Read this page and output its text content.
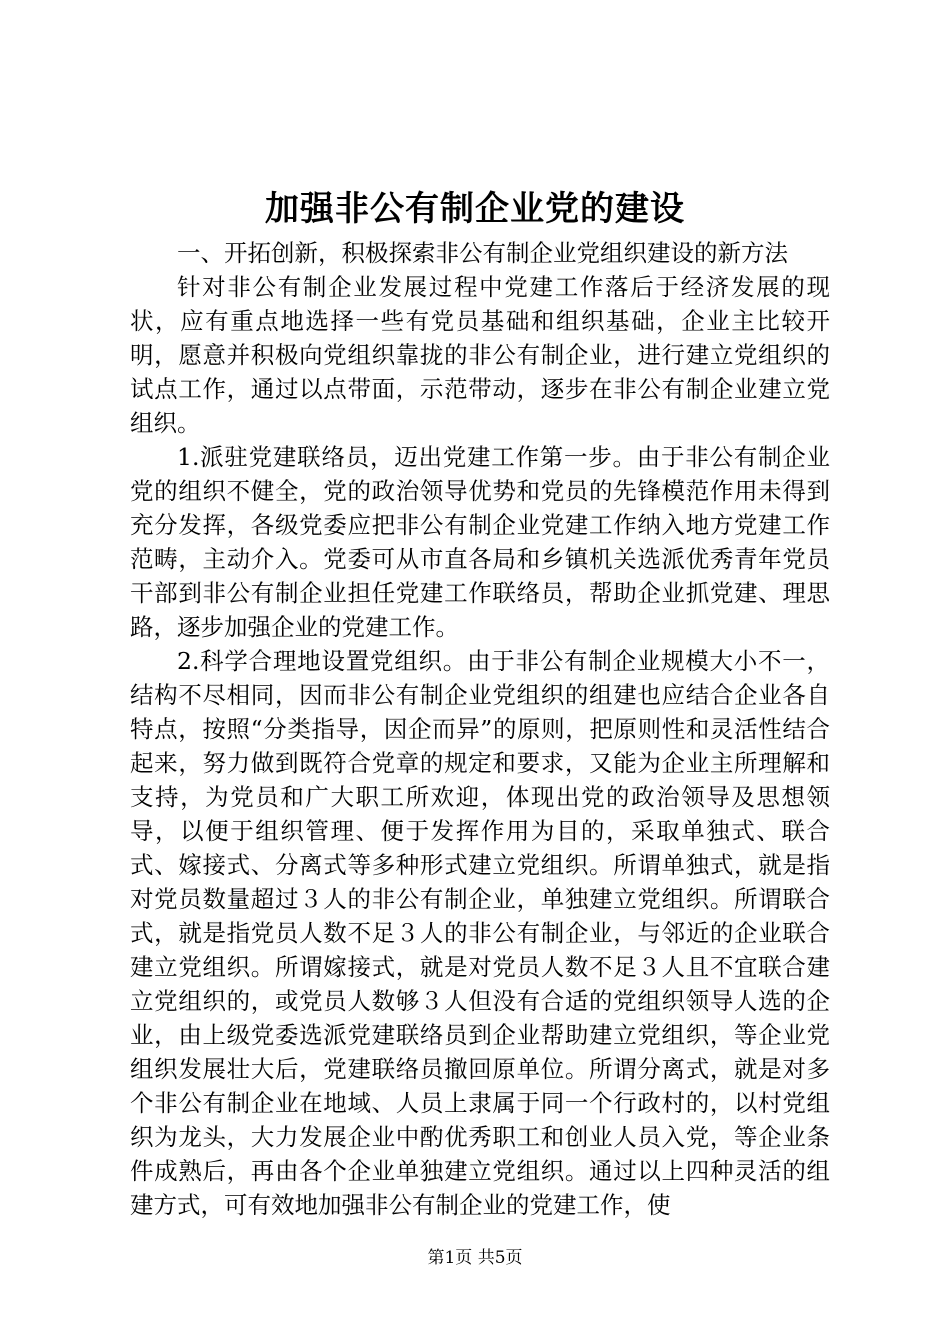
加强非公有制企业党的建设

一、开拓创新，积极探索非公有制企业党组织建设的新方法

针对非公有制企业发展过程中党建工作落后于经济发展的现状，应有重点地选择一些有党员基础和组织基础，企业主比较开明，愿意并积极向党组织靠拢的非公有制企业，进行建立党组织的试点工作，通过以点带面，示范带动，逐步在非公有制企业建立党组织。

1.派驻党建联络员，迈出党建工作第一步。由于非公有制企业党的组织不健全，党的政治领导优势和党员的先锋模范作用未得到充分发挥，各级党委应把非公有制企业党建工作纳入地方党建工作范畴，主动介入。党委可从市直各局和乡镇机关选派优秀青年党员干部到非公有制企业担任党建工作联络员，帮助企业抓党建、理思路，逐步加强企业的党建工作。

2.科学合理地设置党组织。由于非公有制企业规模大小不一，结构不尽相同，因而非公有制企业党组织的组建也应结合企业各自特点，按照“分类指导，因企而异”的原则，把原则性和灵活性结合起来，努力做到既符合党章的规定和要求，又能为企业主所理解和支持，为党员和广大职工所欢迎，体现出党的政治领导及思想领导，以便于组织管理、便于发挥作用为目的，采取单独式、联合式、嫁接式、分离式等多种形式建立党组织。所谓单独式，就是指对党员数量超过３人的非公有制企业，单独建立党组织。所谓联合式，就是指党员人数不足３人的非公有制企业，与邻近的企业联合建立党组织。所谓嫁接式，就是对党员人数不足３人且不宜联合建立党组织的，或党员人数够３人但没有合适的党组织领导人选的企业，由上级党委选派党建联络员到企业帮助建立党组织，等企业党组织发展壮大后，党建联络员撤回原单位。所谓分离式，就是对多个非公有制企业在地域、人员上隶属于同一个行政村的，以村党组织为龙头，大力发展企业中酌优秀职工和创业人员入党，等企业条件成熟后，再由各个企业单独建立党组织。通过以上四种灵活的组建方式，可有效地加强非公有制企业的党建工作，使

第1页 共5页
